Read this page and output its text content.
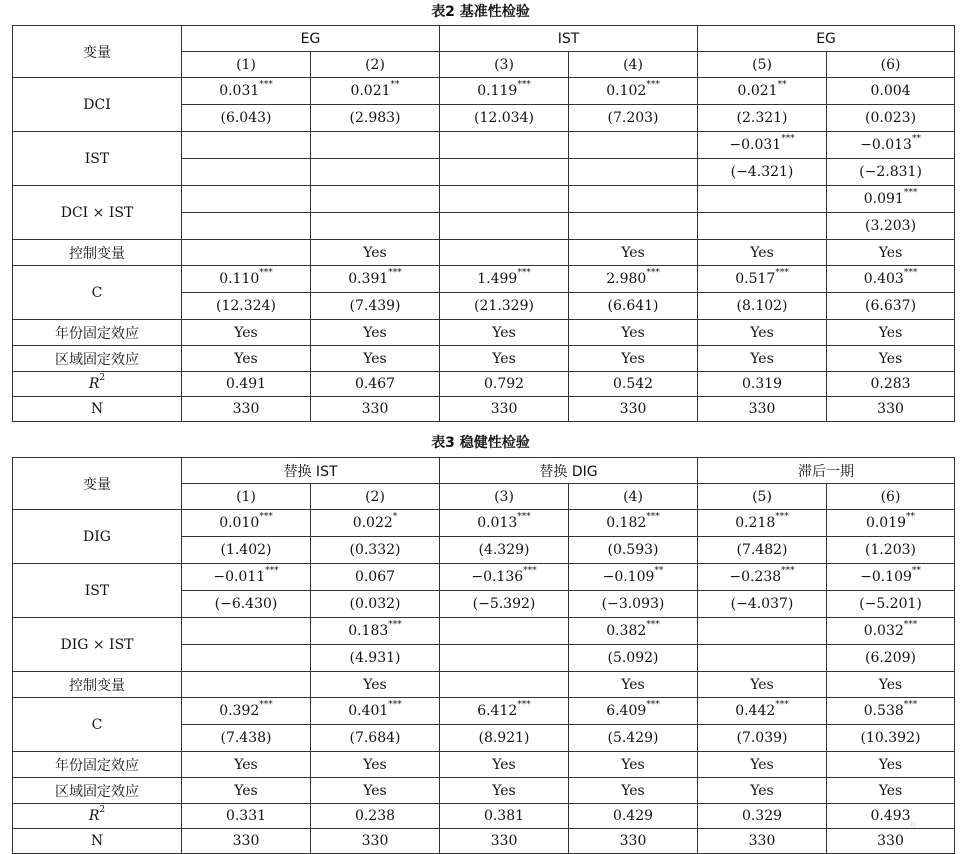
表2 基准性检验
变量	EG		IST		EG	
	(1)	(2)	(3)	(4)	(5)	(6)
DCI	0.031***	0.021**	0.119***	0.102***	0.021**	0.004
	(6.043)	(2.983)	(12.034)	(7.203)	(2.321)	(0.023)
IST					−0.031***	−0.013**
					(−4.321)	(−2.831)
DCI × IST						0.091***
						(3.203)
控制变量		Yes		Yes	Yes	Yes
C	0.110***	0.391***	1.499***	2.980***	0.517***	0.403***
	(12.324)	(7.439)	(21.329)	(6.641)	(8.102)	(6.637)
年份固定效应	Yes	Yes	Yes	Yes	Yes	Yes
区域固定效应	Yes	Yes	Yes	Yes	Yes	Yes
$R^2$	0.491	0.467	0.792	0.542	0.319	0.283
N	330	330	330	330	330	330
表3 稳健性检验
变量	替换 IST		替换 DIG		滞后一期	
	(1)	(2)	(3)	(4)	(5)	(6)
DIG	0.010***	0.022*	0.013***	0.182***	0.218***	0.019**
	(1.402)	(0.332)	(4.329)	(0.593)	(7.482)	(1.203)
IST	−0.011***	0.067	−0.136***	−0.109**	−0.238***	−0.109**
	(−6.430)	(0.032)	(−5.392)	(−3.093)	(−4.037)	(−5.201)
DIG × IST		0.183***		0.382***		0.032***
		(4.931)		(5.092)		(6.209)
控制变量		Yes		Yes	Yes	Yes
C	0.392***	0.401***	6.412***	6.409***	0.442***	0.538***
	(7.438)	(7.684)	(8.921)	(5.429)	(7.039)	(10.392)
年份固定效应	Yes	Yes	Yes	Yes	Yes	Yes
区域固定效应	Yes	Yes	Yes	Yes	Yes	Yes
$R^2$	0.331	0.238	0.381	0.429	0.329	0.493
N	330	330	330	330	330	330
⟡
